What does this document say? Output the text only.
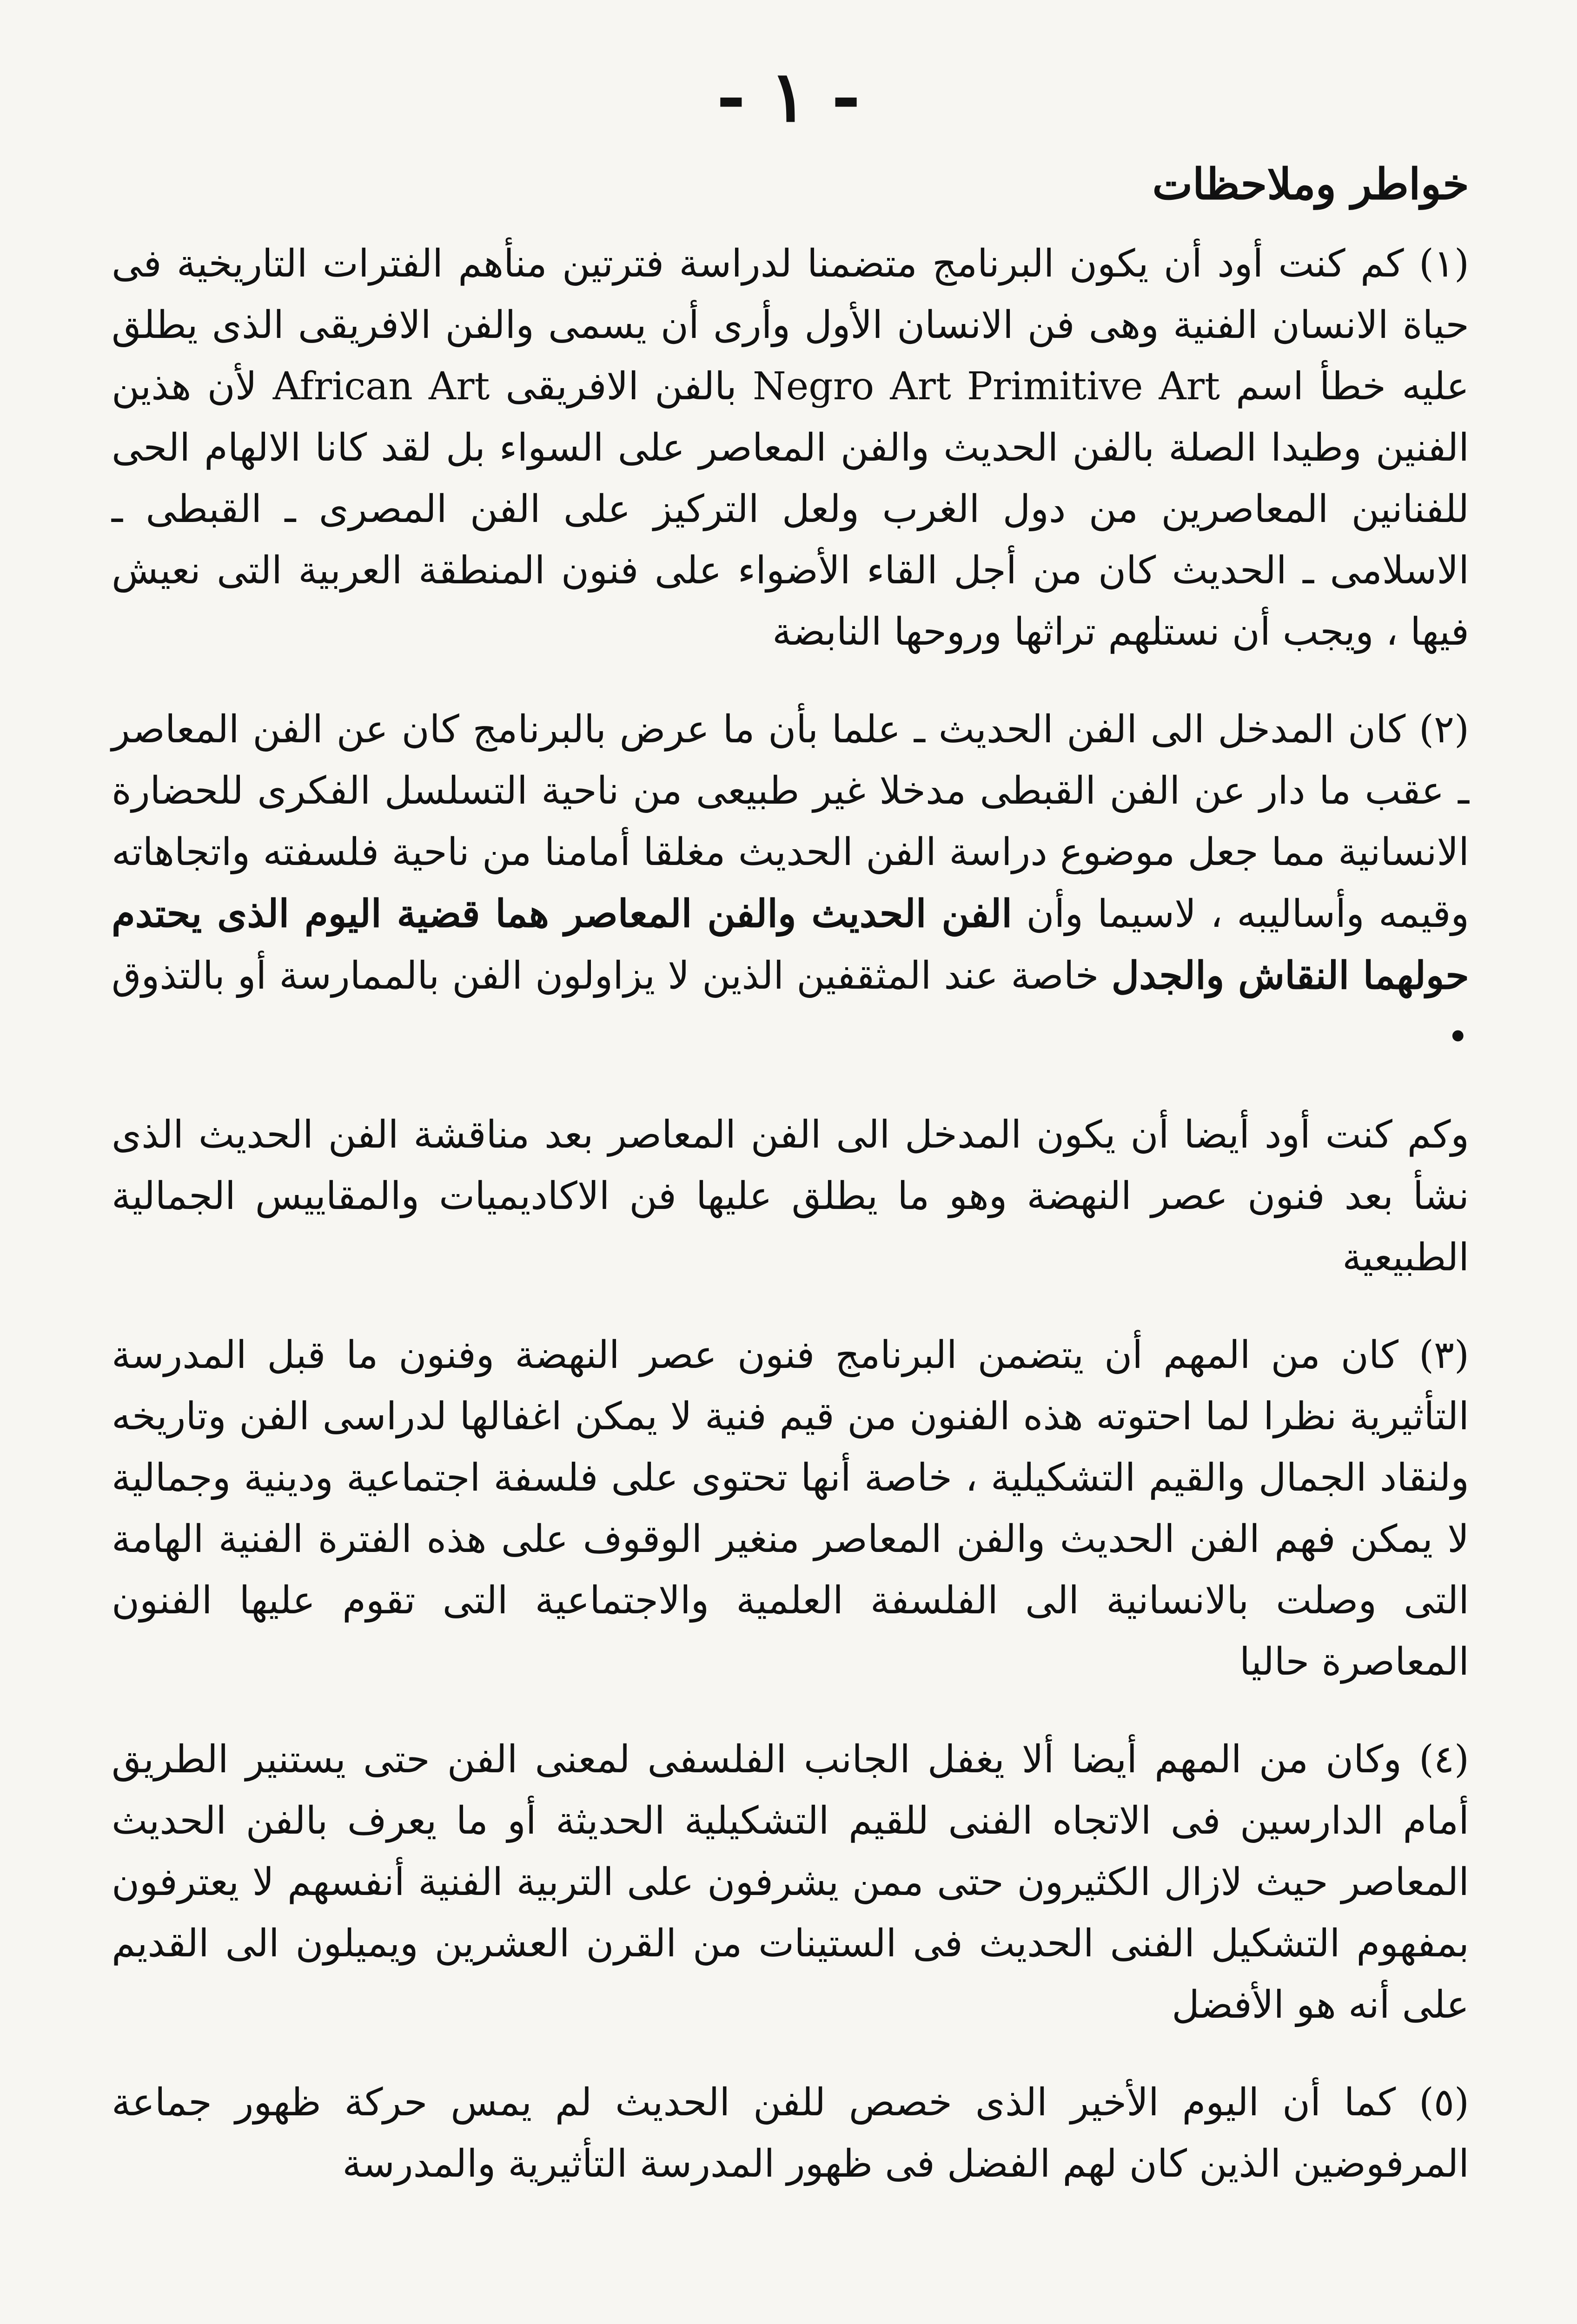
- ١ -
خواطر وملاحظات

(١) كم كنت أود أن يكون البرنامج متضمنا لدراسة فترتين منأهم الفترات التاريخية فى حياة الانسان الفنية وهى فن الانسان الأول وأرى أن يسمى والفن الافريقى الذى يطلق عليه خطأ اسم Negro Art Primitive Art بالفن الافريقى African Art لأن هذين الفنين وطيدا الصلة بالفن الحديث والفن المعاصر على السواء بل لقد كانا الالهام الحى للفنانين المعاصرين من دول الغرب ولعل التركيز على الفن المصرى ـ القبطى ـ الاسلامى ـ الحديث كان من أجل القاء الأضواء على فنون المنطقة العربية التى نعيش فيها ، ويجب أن نستلهم تراثها وروحها النابضة

(٢) كان المدخل الى الفن الحديث ـ علما بأن ما عرض بالبرنامج كان عن الفن المعاصر ـ عقب ما دار عن الفن القبطى مدخلا غير طبيعى من ناحية التسلسل الفكرى للحضارة الانسانية مما جعل موضوع دراسة الفن الحديث مغلقا أمامنا من ناحية فلسفته واتجاهاته وقيمه وأساليبه ، لاسيما وأن الفن الحديث والفن المعاصر هما قضية اليوم الذى يحتدم حولهما النقاش والجدل خاصة عند المثقفين الذين لا يزاولون الفن بالممارسة أو بالتذوق •

وكم كنت أود أيضا أن يكون المدخل الى الفن المعاصر بعد مناقشة الفن الحديث الذى نشأ بعد فنون عصر النهضة وهو ما يطلق عليها فن الاكاديميات والمقاييس الجمالية الطبيعية

(٣) كان من المهم أن يتضمن البرنامج فنون عصر النهضة وفنون ما قبل المدرسة التأثيرية نظرا لما احتوته هذه الفنون من قيم فنية لا يمكن اغفالها لدراسى الفن وتاريخه ولنقاد الجمال والقيم التشكيلية ، خاصة أنها تحتوى على فلسفة اجتماعية ودينية وجمالية لا يمكن فهم الفن الحديث والفن المعاصر منغير الوقوف على هذه الفترة الفنية الهامة التى وصلت بالانسانية الى الفلسفة العلمية والاجتماعية التى تقوم عليها الفنون المعاصرة حاليا

(٤) وكان من المهم أيضا ألا يغفل الجانب الفلسفى لمعنى الفن حتى يستنير الطريق أمام الدارسين فى الاتجاه الفنى للقيم التشكيلية الحديثة أو ما يعرف بالفن الحديث المعاصر حيث لازال الكثيرون حتى ممن يشرفون على التربية الفنية أنفسهم لا يعترفون بمفهوم التشكيل الفنى الحديث فى الستينات من القرن العشرين ويميلون الى القديم على أنه هو الأفضل

(٥) كما أن اليوم الأخير الذى خصص للفن الحديث لم يمس حركة ظهور جماعة المرفوضين الذين كان لهم الفضل فى ظهور المدرسة التأثيرية والمدرسة
